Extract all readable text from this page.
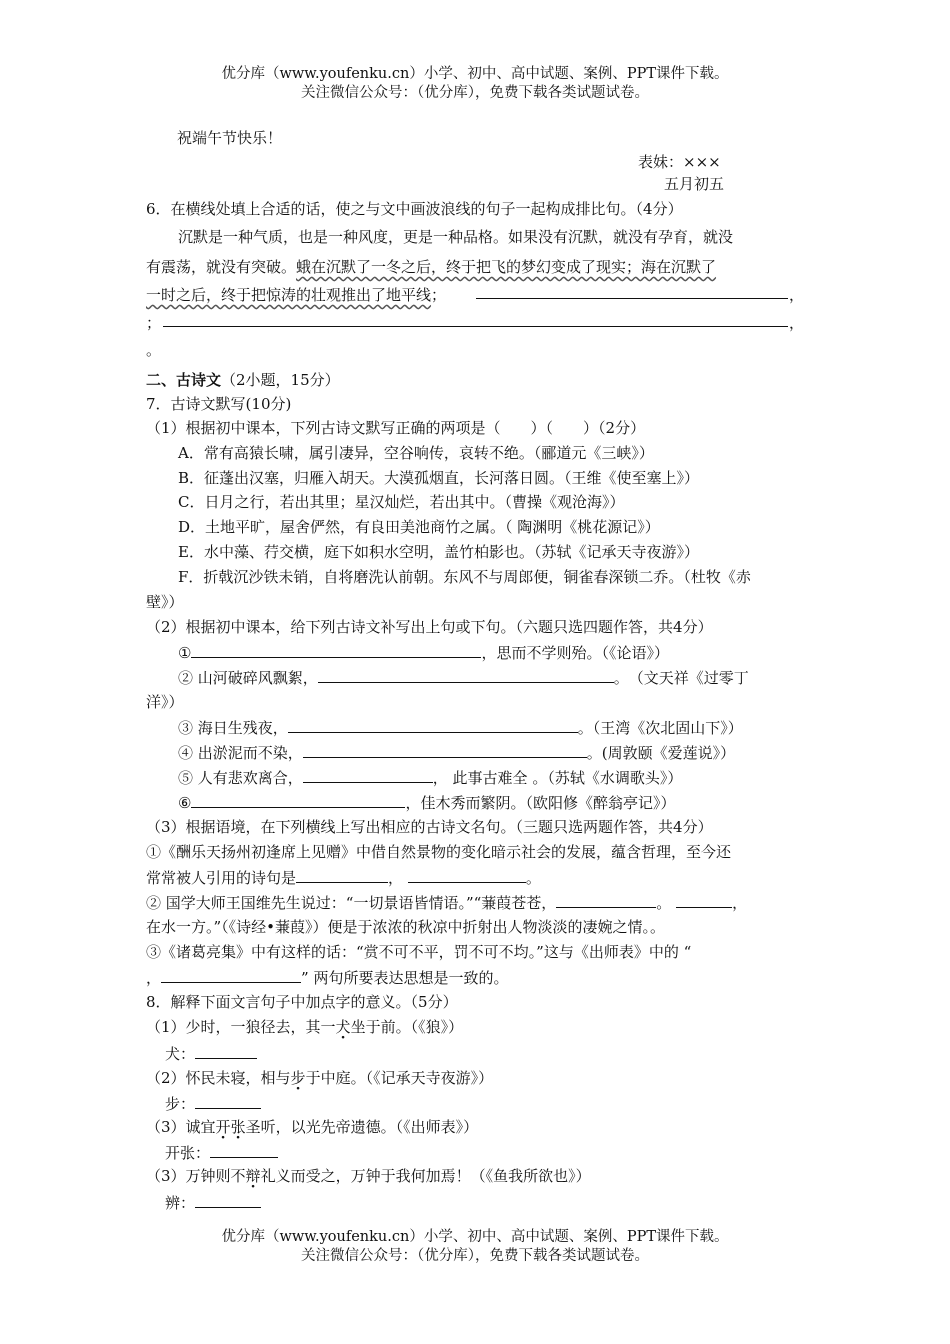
优分库（www.youfenku.cn）小学、初中、高中试题、案例、PPT课件下载。
关注微信公众号：（优分库），免费下载各类试题试卷。
祝端午节快乐！
表妹：×××
五月初五
6．在横线处填上合适的话，使之与文中画波浪线的句子一起构成排比句。（4分）
沉默是一种气质，也是一种风度，更是一种品格。如果没有沉默，就没有孕育，就没
有震荡，就没有突破。蛾在沉默了一冬之后，终于把飞的梦幻变成了现实；海在沉默了
一时之后，终于把惊涛的壮观推出了地平线；	，
；	，
。
二、古诗文（2小题，15分）
7．古诗文默写(10分)
（1）根据初中课本，下列古诗文默写正确的两项是（　　）（　　）（2分）
A．常有高猿长啸，属引凄异，空谷响传，哀转不绝。（郦道元《三峡》）
B．征蓬出汉塞，归雁入胡天。大漠孤烟直，长河落日圆。（王维《使至塞上》）
C．日月之行，若出其里；星汉灿烂，若出其中。（曹操《观沧海》）
D．土地平旷，屋舍俨然，有良田美池商竹之属。（ 陶渊明《桃花源记》）
E．水中藻、荇交横，庭下如积水空明，盖竹柏影也。（苏轼《记承天寺夜游》）
F．折戟沉沙铁未销，自将磨洗认前朝。东风不与周郎便，铜雀春深锁二乔。（杜牧《赤
壁》）
（2）根据初中课本，给下列古诗文补写出上句或下句。（六题只选四题作答，共4分）
①	，思而不学则殆。（《论语》）
② 山河破碎风飘絮，	。　（文天祥《过零丁
洋》）
③ 海日生残夜，	。（王湾《次北固山下》）
④ 出淤泥而不染，	。(周敦颐《爱莲说》）
⑤ 人有悲欢离合，	， 此事古难全 。（苏轼《水调歌头》）
⑥	，佳木秀而繁阴。（欧阳修《醉翁亭记》）
（3）根据语境，在下列横线上写出相应的古诗文名句。（三题只选两题作答，共4分）
①《酬乐天扬州初逢席上见赠》中借自然景物的变化暗示社会的发展，蕴含哲理，至今还
常常被人引用的诗句是	，	。
② 国学大师王国维先生说过：“一切景语皆情语。”“蒹葭苍苍，	。	，
在水一方。”（《诗经•蒹葭》）便是于浓浓的秋凉中折射出人物淡淡的凄婉之情。。
③《诸葛亮集》中有这样的话：“赏不可不平，罚不可不均。”这与《出师表》中的 “
，	” 两句所要表达思想是一致的。
8．解释下面文言句子中加点字的意义。（5分）
（1）少时，一狼径去，其一犬坐于前。（《狼》）
犬：
（2）怀民未寝，相与步于中庭。（《记承天寺夜游》）
步：
（3）诚宜开张圣听，以光先帝遗德。（《出师表》）
开张：
（3）万钟则不辩礼义而受之，万钟于我何加焉！（《鱼我所欲也》）
辨：
优分库（www.youfenku.cn）小学、初中、高中试题、案例、PPT课件下载。
关注微信公众号：（优分库），免费下载各类试题试卷。
